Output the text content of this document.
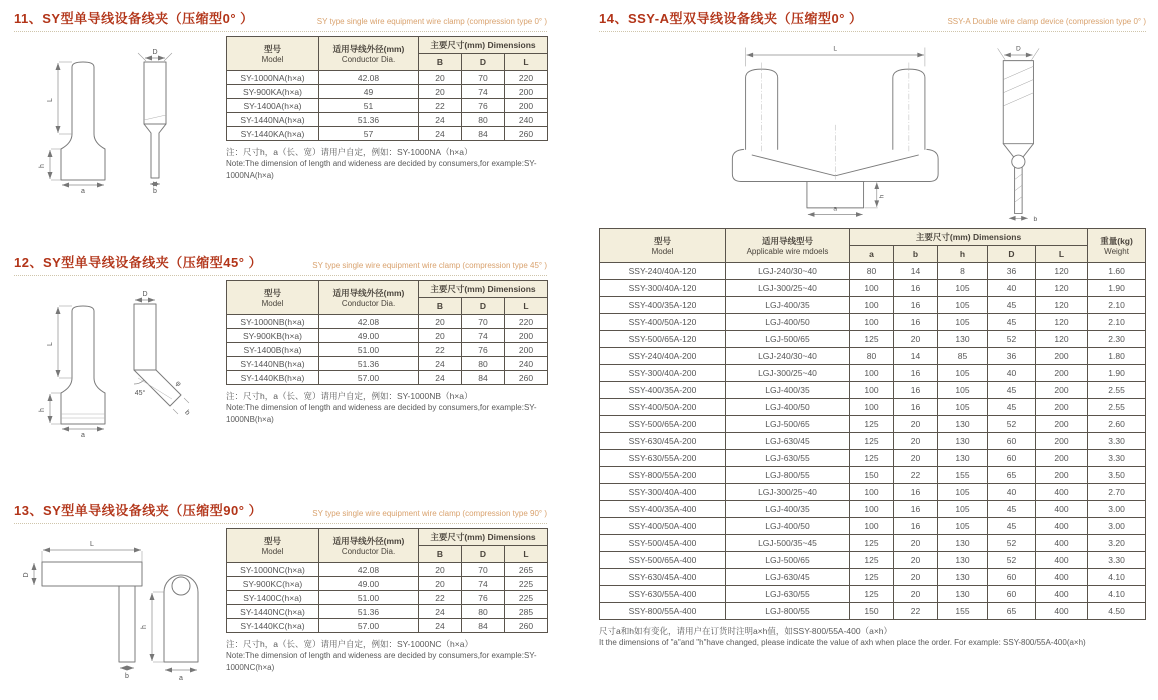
11、SY型单导线设备线夹（压缩型0° ）	SY type single wire equipment wire clamp (compression type 0° )
L
h
a
D
b
型号
Model

适用导线外径(mm)
Conductor Dia.
	主要尺寸(mm) Dimensions
		B	D	L
SY-1000NA(h×a)	42.08	20	70	220
SY-900KA(h×a)	49	20	74	200
SY-1400A(h×a)	51	22	76	200
SY-1440NA(h×a)	51.36	24	80	240
SY-1440KA(h×a)	57	24	84	260
注：尺寸h，a（长、宽）请用户自定，例如：SY-1000NA（h×a）
Note:The dimension of length and wideness are decided by consumers,for example:SY-1000NA(h×a)
12、SY型单导线设备线夹（压缩型45° ）	SY type single wire equipment wire clamp (compression type 45° )
L
h
a
D
45°
φ
b
型号
Model

适用导线外径(mm)
Conductor Dia.
	主要尺寸(mm) Dimensions
		B	D	L
SY-1000NB(h×a)	42.08	20	70	220
SY-900KB(h×a)	49.00	20	74	200
SY-1400B(h×a)	51.00	22	76	200
SY-1440NB(h×a)	51.36	24	80	240
SY-1440KB(h×a)	57.00	24	84	260
注：尺寸h，a（长、宽）请用户自定，例如：SY-1000NB（h×a）
Note:The dimension of length and wideness are decided by consumers,for example:SY-1000NB(h×a)
13、SY型单导线设备线夹（压缩型90° ）	SY type single wire equipment wire clamp (compression type 90° )
L
D
b
h
a
型号
Model

适用导线外径(mm)
Conductor Dia.
	主要尺寸(mm) Dimensions
		B	D	L
SY-1000NC(h×a)	42.08	20	70	265
SY-900KC(h×a)	49.00	20	74	225
SY-1400C(h×a)	51.00	22	76	225
SY-1440NC(h×a)	51.36	24	80	285
SY-1440KC(h×a)	57.00	24	84	260
注：尺寸h，a（长、宽）请用户自定，例如：SY-1000NC（h×a）
Note:The dimension of length and wideness are decided by consumers,for example:SY-1000NC(h×a)
14、SSY-A型双导线设备线夹（压缩型0° ）	SSY-A Double wire clamp device (compression type 0° )
L
a
h
D
b
型号
Model

适用导线型号
Applicable wire mdoels
	主要尺寸(mm) Dimensions	重量(kg)
Weight

		a	b	h	D	L	
SSY-240/40A-120	LGJ-240/30~40	80	14	8	36	120	1.60
SSY-300/40A-120	LGJ-300/25~40	100	16	105	40	120	1.90
SSY-400/35A-120	LGJ-400/35	100	16	105	45	120	2.10
SSY-400/50A-120	LGJ-400/50	100	16	105	45	120	2.10
SSY-500/65A-120	LGJ-500/65	125	20	130	52	120	2.30
SSY-240/40A-200	LGJ-240/30~40	80	14	85	36	200	1.80
SSY-300/40A-200	LGJ-300/25~40	100	16	105	40	200	1.90
SSY-400/35A-200	LGJ-400/35	100	16	105	45	200	2.55
SSY-400/50A-200	LGJ-400/50	100	16	105	45	200	2.55
SSY-500/65A-200	LGJ-500/65	125	20	130	52	200	2.60
SSY-630/45A-200	LGJ-630/45	125	20	130	60	200	3.30
SSY-630/55A-200	LGJ-630/55	125	20	130	60	200	3.30
SSY-800/55A-200	LGJ-800/55	150	22	155	65	200	3.50
SSY-300/40A-400	LGJ-300/25~40	100	16	105	40	400	2.70
SSY-400/35A-400	LGJ-400/35	100	16	105	45	400	3.00
SSY-400/50A-400	LGJ-400/50	100	16	105	45	400	3.00
SSY-500/45A-400	LGJ-500/35~45	125	20	130	52	400	3.20
SSY-500/65A-400	LGJ-500/65	125	20	130	52	400	3.30
SSY-630/45A-400	LGJ-630/45	125	20	130	60	400	4.10
SSY-630/55A-400	LGJ-630/55	125	20	130	60	400	4.10
SSY-800/55A-400	LGJ-800/55	150	22	155	65	400	4.50
尺寸a和h如有变化，请用户在订货时注明a×h值，如SSY-800/55A-400（a×h）
It the dimensions of "a"and "h"have changed, please indicate the value of axh when place the order. For example: SSY-800/55A-400(a×h)
